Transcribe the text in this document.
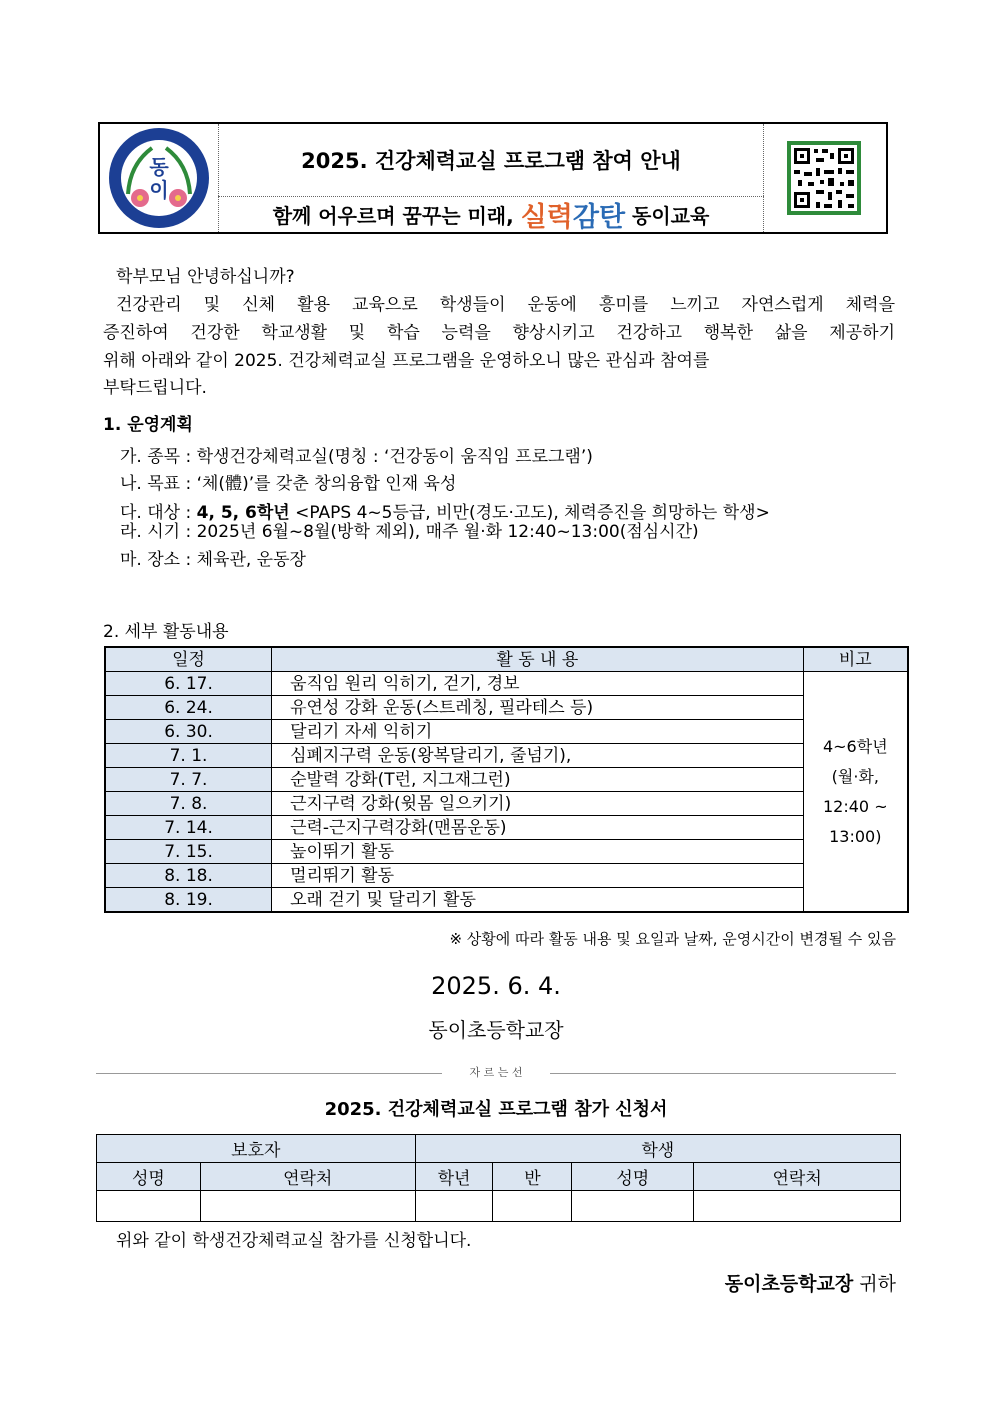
동
이
2025. 건강체력교실 프로그램 참여 안내
함께 어우르며 꿈꾸는 미래,
실력 감탄
동이교육
학부모님 안녕하십니까?
건강관리 및 신체 활용 교육으로 학생들이 운동에 흥미를 느끼고 자연스럽게 체력을
증진하여 건강한 학교생활 및 학습 능력을 향상시키고 건강하고 행복한 삶을 제공하기
위해 아래와 같이 2025. 건강체력교실 프로그램을 운영하오니 많은 관심과 참여를
부탁드립니다.
1. 운영계획
가. 종목 : 학생건강체력교실(명칭 : ‘건강동이 움직임 프로그램’)
나. 목표 : ‘체(體)’를 갖춘 창의융합 인재 육성
다. 대상 : 4, 5, 6학년 <PAPS 4~5등급, 비만(경도·고도), 체력증진을 희망하는 학생>
라. 시기 : 2025년 6월~8월(방학 제외), 매주 월·화 12:40~13:00(점심시간)
마. 장소 : 체육관, 운동장
2. 세부 활동내용
일정	활 동 내 용	비고
6. 17.	움직임 원리 익히기, 걷기, 경보	4~6학년
(월·화,
12:40 ~
13:00)

6. 24.	유연성 강화 운동(스트레칭, 필라테스 등)	
6. 30.	달리기 자세 익히기	
7. 1.	심폐지구력 운동(왕복달리기, 줄넘기),	
7. 7.	순발력 강화(T런, 지그재그런)	
7. 8.	근지구력 강화(윗몸 일으키기)	
7. 14.	근력-근지구력강화(맨몸운동)	
7. 15.	높이뛰기 활동	
8. 18.	멀리뛰기 활동	
8. 19.	오래 걷기 및 달리기 활동	
※ 상황에 따라 활동 내용 및 요일과 날짜, 운영시간이 변경될 수 있음
2025. 6. 4.
동이초등학교장
자 르 는 선
2025. 건강체력교실 프로그램 참가 신청서
보호자		학생			
성명	연락처	학년	반	성명	연락처

위와 같이 학생건강체력교실 참가를 신청합니다.
동이초등학교장 귀하
